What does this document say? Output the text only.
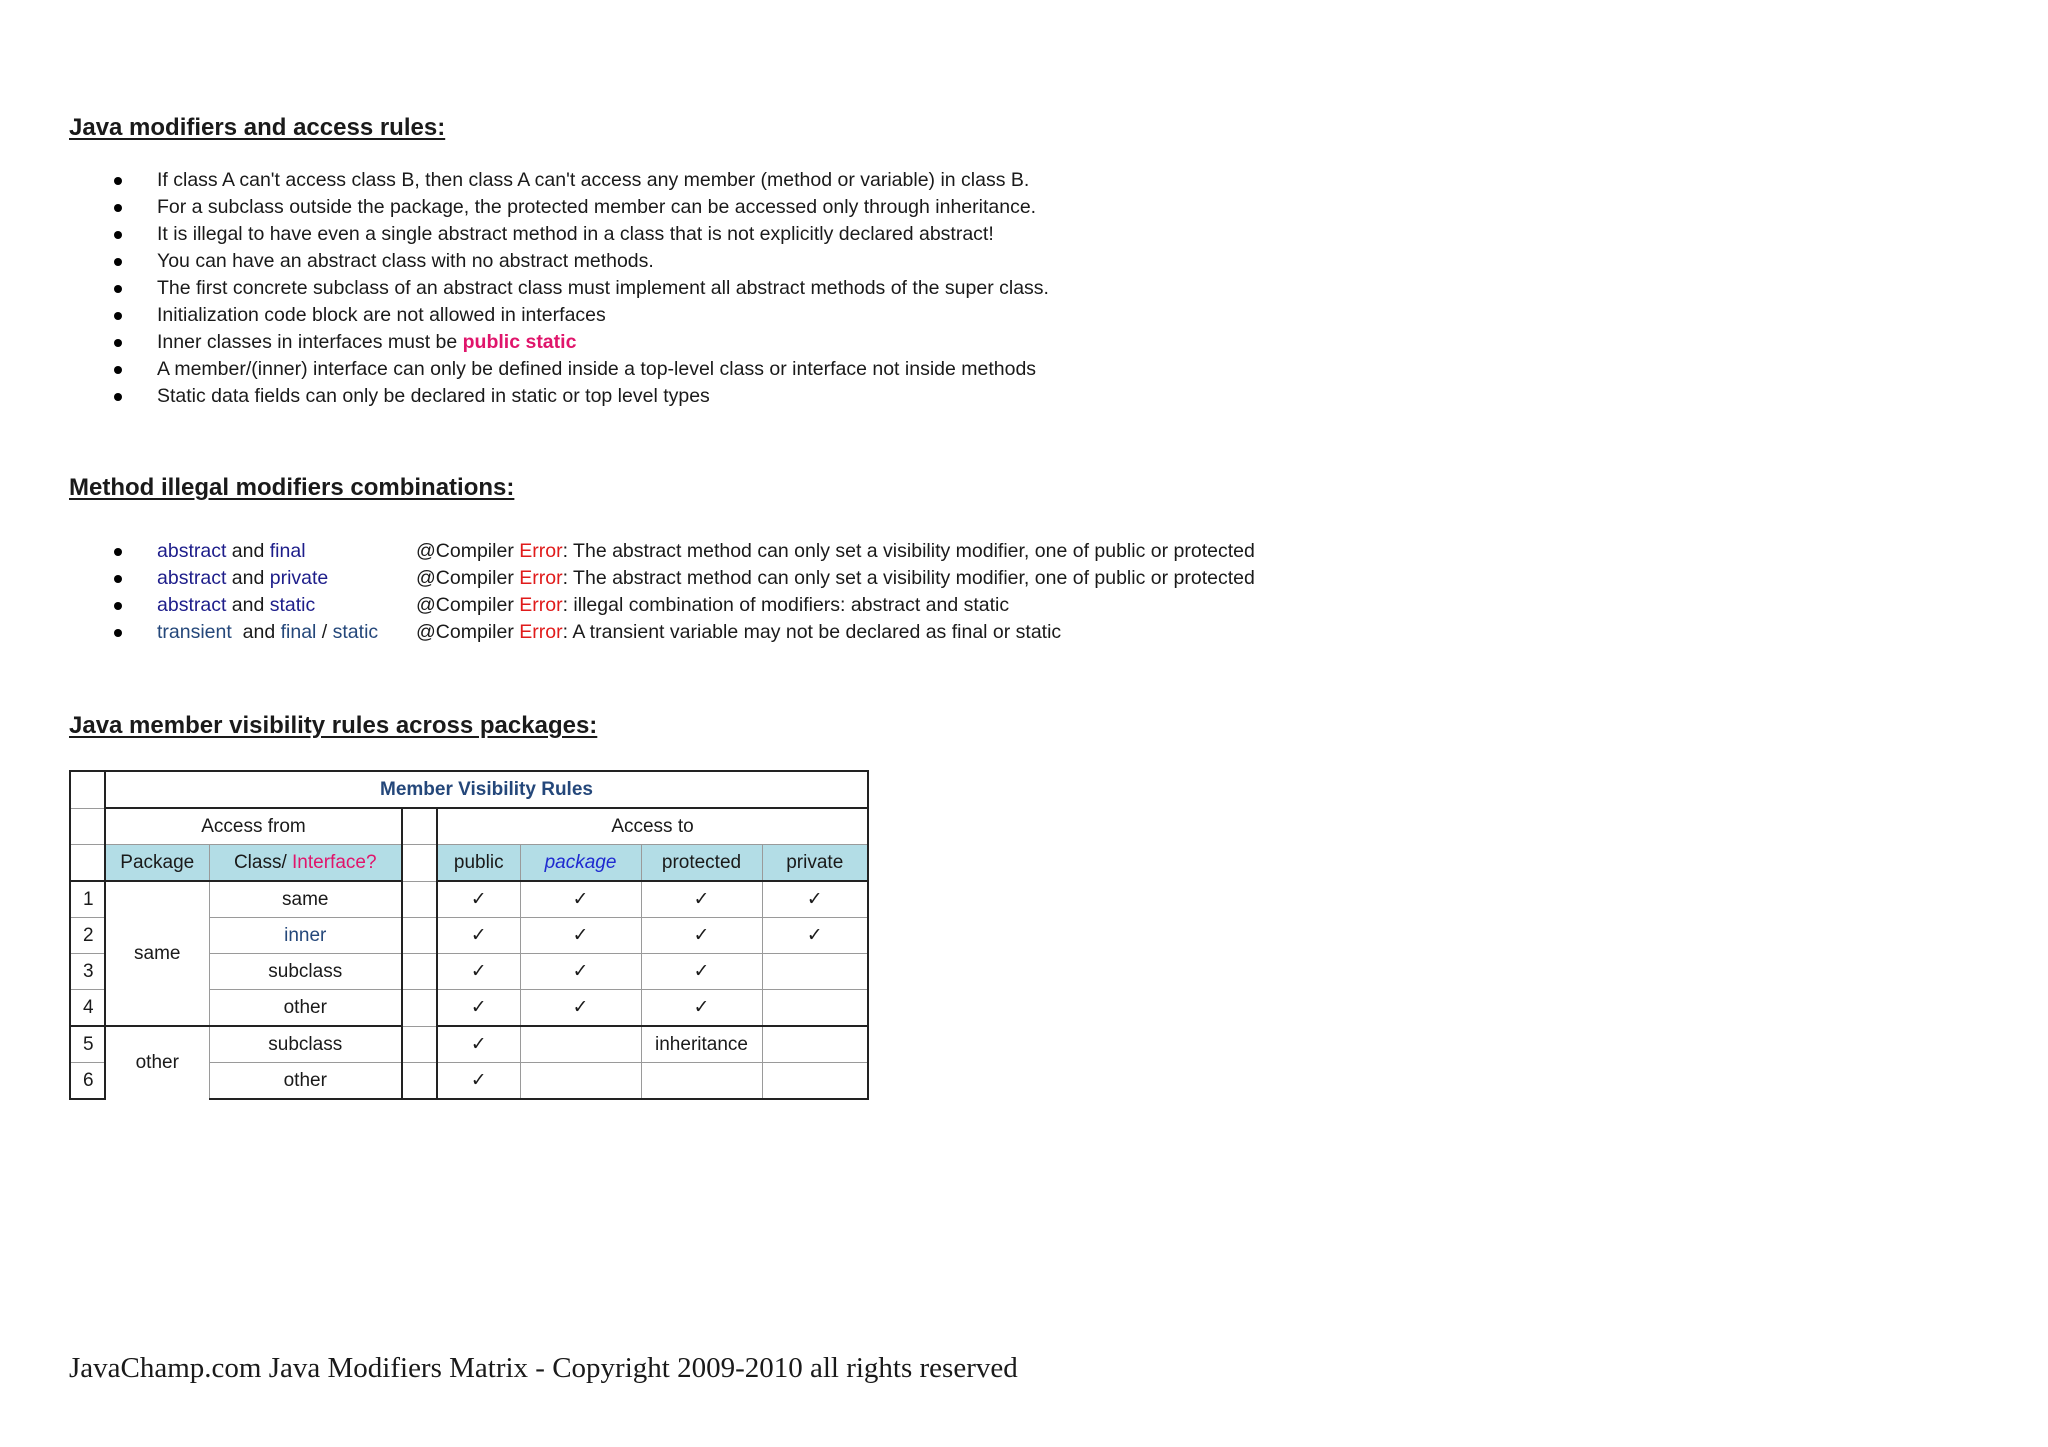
Java modifiers and access rules:
If class A can't access class B, then class A can't access any member (method or variable) in class B.
For a subclass outside the package, the protected member can be accessed only through inheritance.
It is illegal to have even a single abstract method in a class that is not explicitly declared abstract!
You can have an abstract class with no abstract methods.
The first concrete subclass of an abstract class must implement all abstract methods of the super class.
Initialization code block are not allowed in interfaces
Inner classes in interfaces must be public static
A member/(inner) interface can only be defined inside a top-level class or interface not inside methods
Static data fields can only be declared in static or top level types
Method illegal modifiers combinations:
abstract and final	@Compiler Error: The abstract method can only set a visibility modifier, one of public or protected
abstract and private	@Compiler Error: The abstract method can only set a visibility modifier, one of public or protected
abstract and static	@Compiler Error: illegal combination of modifiers: abstract and static
transient  and final / static @Compiler Error: A transient variable may not be declared as final or static
Java member visibility rules across packages:
	Member Visibility Rules						
	Access from			Access to			
	Package	Class/ Interface?		public	package	protected	private
1	same	same		✓	✓	✓	✓
2		inner		✓	✓	✓	✓
3		subclass		✓	✓	✓	
4		other		✓	✓	✓	
5	other	subclass		✓		inheritance	
6		other		✓			
JavaChamp.com Java Modifiers Matrix - Copyright 2009-2010 all rights reserved
